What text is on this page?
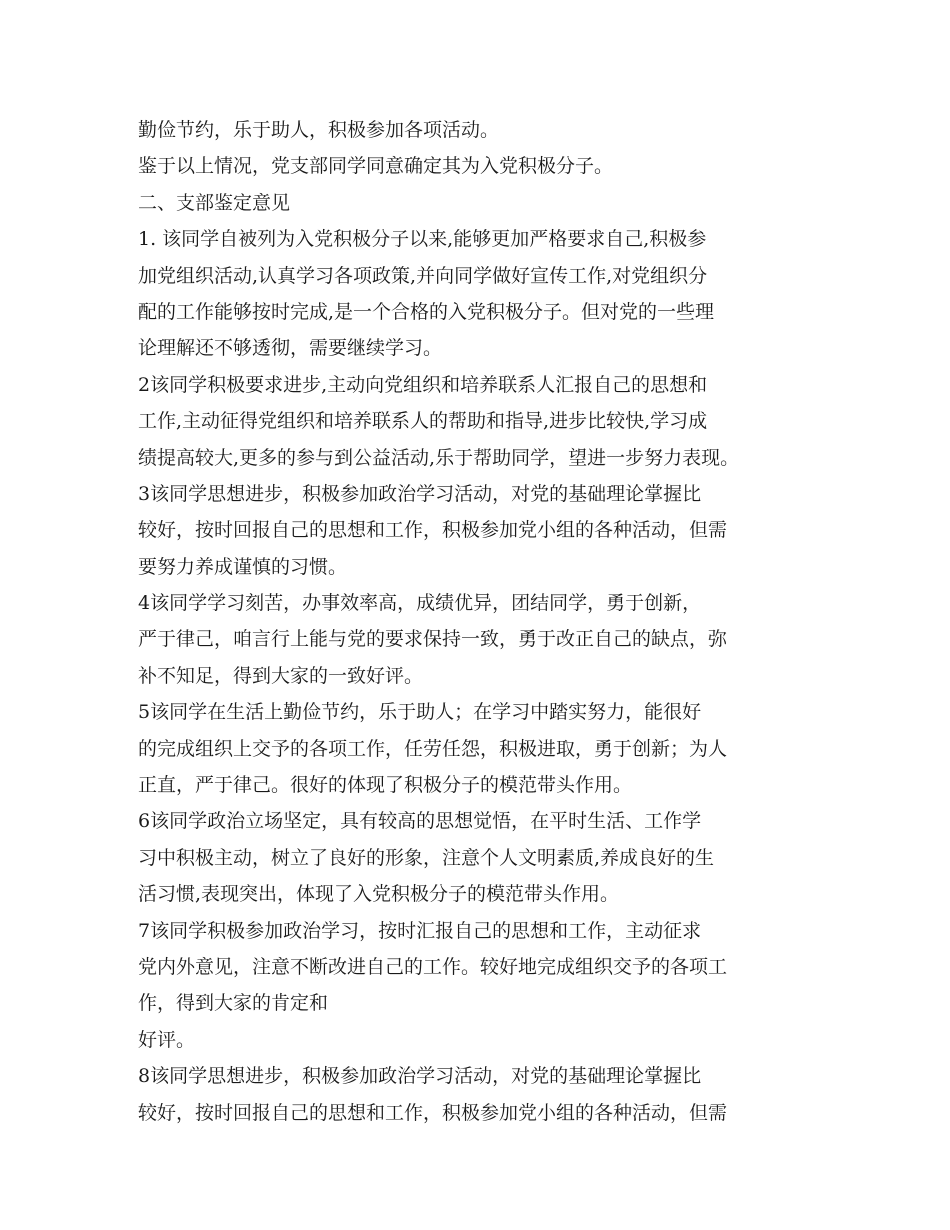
勤俭节约，乐于助人，积极参加各项活动。
鉴于以上情况，党支部同学同意确定其为入党积极分子。
二、支部鉴定意见
1. 该同学自被列为入党积极分子以来,能够更加严格要求自己,积极参
加党组织活动,认真学习各项政策,并向同学做好宣传工作,对党组织分
配的工作能够按时完成,是一个合格的入党积极分子。但对党的一些理
论理解还不够透彻，需要继续学习。
2该同学积极要求进步,主动向党组织和培养联系人汇报自己的思想和
工作,主动征得党组织和培养联系人的帮助和指导,进步比较快,学习成
绩提高较大,更多的参与到公益活动,乐于帮助同学，望进一步努力表现。
3该同学思想进步，积极参加政治学习活动，对党的基础理论掌握比
较好，按时回报自己的思想和工作，积极参加党小组的各种活动，但需
要努力养成谨慎的习惯。
4该同学学习刻苦，办事效率高，成绩优异，团结同学，勇于创新，
严于律己，咱言行上能与党的要求保持一致，勇于改正自己的缺点，弥
补不知足，得到大家的一致好评。
5该同学在生活上勤俭节约，乐于助人；在学习中踏实努力，能很好
的完成组织上交予的各项工作，任劳任怨，积极进取，勇于创新；为人
正直，严于律己。很好的体现了积极分子的模范带头作用。
6该同学政治立场坚定，具有较高的思想觉悟，在平时生活、工作学
习中积极主动，树立了良好的形象，注意个人文明素质,养成良好的生
活习惯,表现突出，体现了入党积极分子的模范带头作用。
7该同学积极参加政治学习，按时汇报自己的思想和工作，主动征求
党内外意见，注意不断改进自己的工作。较好地完成组织交予的各项工
作，得到大家的肯定和
好评。
8该同学思想进步，积极参加政治学习活动，对党的基础理论掌握比
较好，按时回报自己的思想和工作，积极参加党小组的各种活动，但需
